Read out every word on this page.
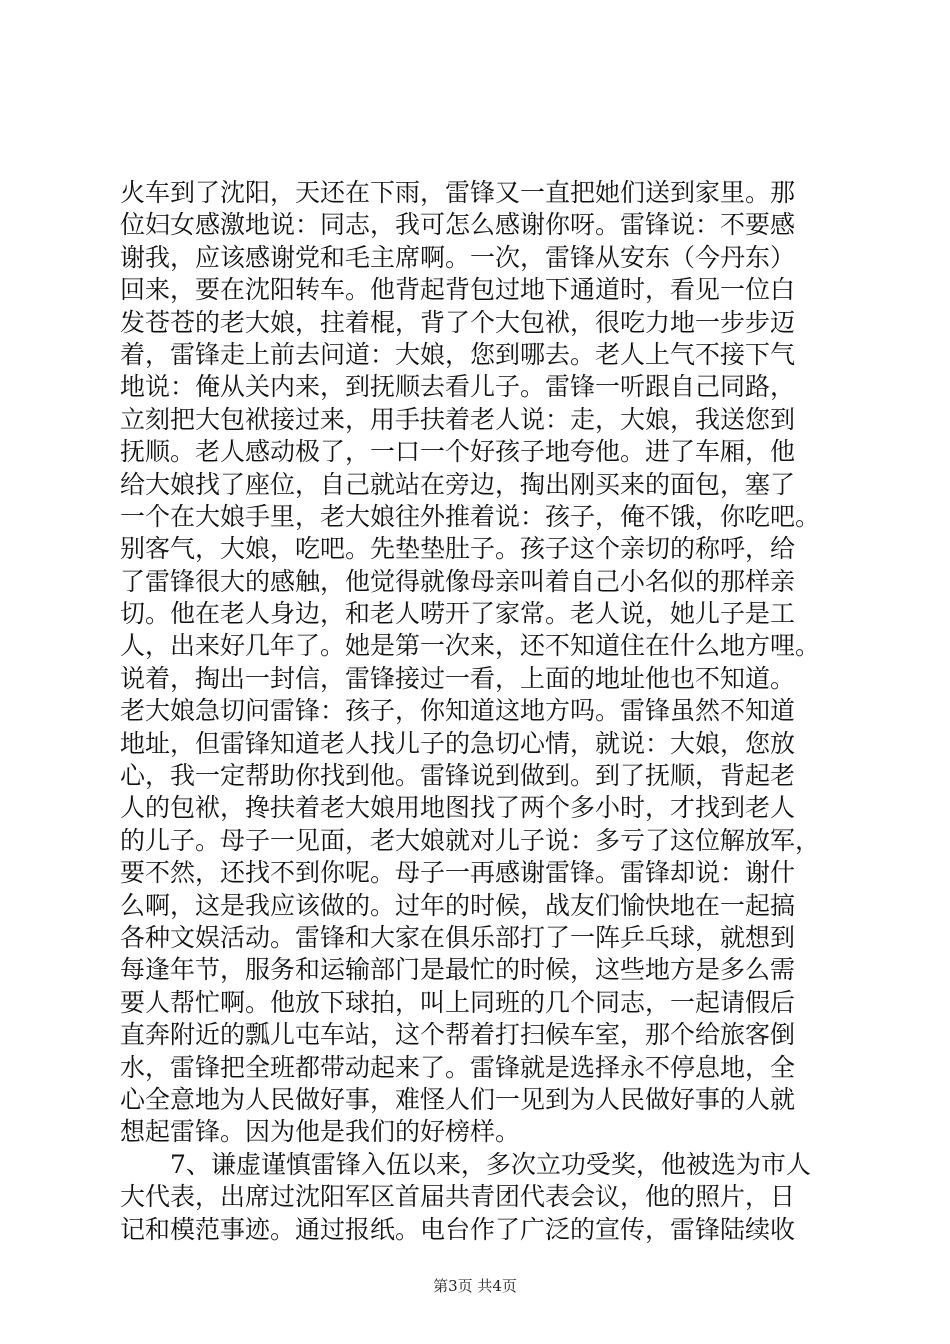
火车到了沈阳，天还在下雨，雷锋又一直把她们送到家里。那
位妇女感激地说：同志，我可怎么感谢你呀。雷锋说：不要感
谢我，应该感谢党和毛主席啊。一次，雷锋从安东（今丹东）
回来，要在沈阳转车。他背起背包过地下通道时，看见一位白
发苍苍的老大娘，拄着棍，背了个大包袱，很吃力地一步步迈
着，雷锋走上前去问道：大娘，您到哪去。老人上气不接下气
地说：俺从关内来，到抚顺去看儿子。雷锋一听跟自己同路，
立刻把大包袱接过来，用手扶着老人说：走，大娘，我送您到
抚顺。老人感动极了，一口一个好孩子地夸他。进了车厢，他
给大娘找了座位，自己就站在旁边，掏出刚买来的面包，塞了
一个在大娘手里，老大娘往外推着说：孩子，俺不饿，你吃吧。
别客气，大娘，吃吧。先垫垫肚子。孩子这个亲切的称呼，给
了雷锋很大的感触，他觉得就像母亲叫着自己小名似的那样亲
切。他在老人身边，和老人唠开了家常。老人说，她儿子是工
人，出来好几年了。她是第一次来，还不知道住在什么地方哩。
说着，掏出一封信，雷锋接过一看，上面的地址他也不知道。
老大娘急切问雷锋：孩子，你知道这地方吗。雷锋虽然不知道
地址，但雷锋知道老人找儿子的急切心情，就说：大娘，您放
心，我一定帮助你找到他。雷锋说到做到。到了抚顺，背起老
人的包袱，搀扶着老大娘用地图找了两个多小时，才找到老人
的儿子。母子一见面，老大娘就对儿子说：多亏了这位解放军，
要不然，还找不到你呢。母子一再感谢雷锋。雷锋却说：谢什
么啊，这是我应该做的。过年的时候，战友们愉快地在一起搞
各种文娱活动。雷锋和大家在俱乐部打了一阵乒乓球，就想到
每逢年节，服务和运输部门是最忙的时候，这些地方是多么需
要人帮忙啊。他放下球拍，叫上同班的几个同志，一起请假后
直奔附近的瓢儿屯车站，这个帮着打扫候车室，那个给旅客倒
水，雷锋把全班都带动起来了。雷锋就是选择永不停息地，全
心全意地为人民做好事，难怪人们一见到为人民做好事的人就
想起雷锋。因为他是我们的好榜样。
　　7、谦虚谨慎雷锋入伍以来，多次立功受奖，他被选为市人
大代表，出席过沈阳军区首届共青团代表会议，他的照片，日
记和模范事迹。通过报纸。电台作了广泛的宣传，雷锋陆续收
第3页 共4页
